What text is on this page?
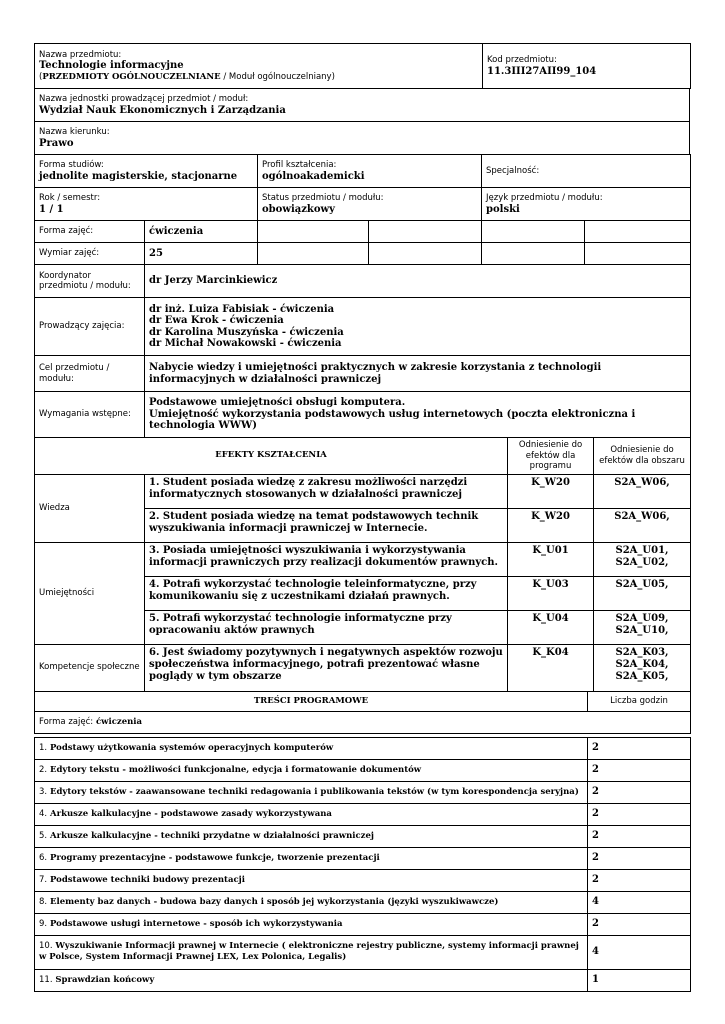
Nazwa przedmiotu:
Technologie informacyjne
(PRZEDMIOTY OGÓLNOUCZELNIANE / Moduł ogólnouczelniany)	
Kod przedmiotu:
11.3III27AII99_104
Nazwa jednostki prowadzącej przedmiot / moduł:
Wydział Nauk Ekonomicznych i Zarządzania

Nazwa kierunku:
Prawo
Forma studiów:
jednolite magisterskie, stacjonarne	Profil kształcenia:
ogólnoakademicki	Specjalność:

Rok / semestr:
1 / 1	Status przedmiotu / modułu:
obowiązkowy	Język przedmiotu / modułu:
polski
Forma zajęć:	ćwiczenia				
Wymiar zajęć:	25				
Koordynator przedmiotu / modułu:	dr Jerzy Marcinkiewicz
Prowadzący zajęcia:	dr inż. Luiza Fabisiak - ćwiczenia
dr Ewa Krok - ćwiczenia
dr Karolina Muszyńska - ćwiczenia
dr Michał Nowakowski - ćwiczenia

Cel przedmiotu / modułu:	Nabycie wiedzy i umiejętności praktycznych w zakresie korzystania z technologii informacyjnych w działalności prawniczej
Wymagania wstępne:	Podstawowe umiejętności obsługi komputera.
Umiejętność wykorzystania podstawowych usług internetowych (poczta elektroniczna i technologia WWW)
EFEKTY KSZTAŁCENIA		Odniesienie do efektów dla programu	Odniesienie do efektów dla obszaru
Wiedza	1. Student posiada wiedzę z zakresu możliwości narzędzi informatycznych stosowanych w działalności prawniczej	K_W20	S2A_W06,
	2. Student posiada wiedzę na temat podstawowych technik wyszukiwania informacji prawniczej w Internecie.	K_W20	S2A_W06,
Umiejętności	3. Posiada umiejętności wyszukiwania i wykorzystywania informacji prawniczych przy realizacji dokumentów prawnych.	K_U01	S2A_U01, S2A_U02,
	4. Potrafi wykorzystać technologie teleinformatyczne, przy komunikowaniu się z uczestnikami działań prawnych.	K_U03	S2A_U05,
	5. Potrafi wykorzystać technologie informatyczne przy opracowaniu aktów prawnych	K_U04	S2A_U09, S2A_U10,
Kompetencje społeczne	6. Jest świadomy pozytywnych i negatywnych aspektów rozwoju społeczeństwa informacyjnego, potrafi prezentować własne poglądy w tym obszarze	K_K04	S2A_K03, S2A_K04, S2A_K05,
TREŚCI PROGRAMOWE	Liczba godzin
Forma zajęć: ćwiczenia
1. Podstawy użytkowania systemów operacyjnych komputerów	2
2. Edytory tekstu - możliwości funkcjonalne, edycja i formatowanie dokumentów	2
3. Edytory tekstów - zaawansowane techniki redagowania i publikowania tekstów (w tym korespondencja seryjna)	2
4. Arkusze kalkulacyjne - podstawowe zasady wykorzystywana	2
5. Arkusze kalkulacyjne - techniki przydatne w działalności prawniczej	2
6. Programy prezentacyjne - podstawowe funkcje, tworzenie prezentacji	2
7. Podstawowe techniki budowy prezentacji	2
8. Elementy baz danych - budowa bazy danych i sposób jej wykorzystania (języki wyszukiwawcze)	4
9. Podstawowe usługi internetowe - sposób ich wykorzystywania	2
10. Wyszukiwanie Informacji prawnej w Internecie ( elektroniczne rejestry publiczne, systemy informacji prawnej w Polsce, System Informacji Prawnej LEX, Lex Polonica, Legalis)	4
11. Sprawdzian końcowy	1
